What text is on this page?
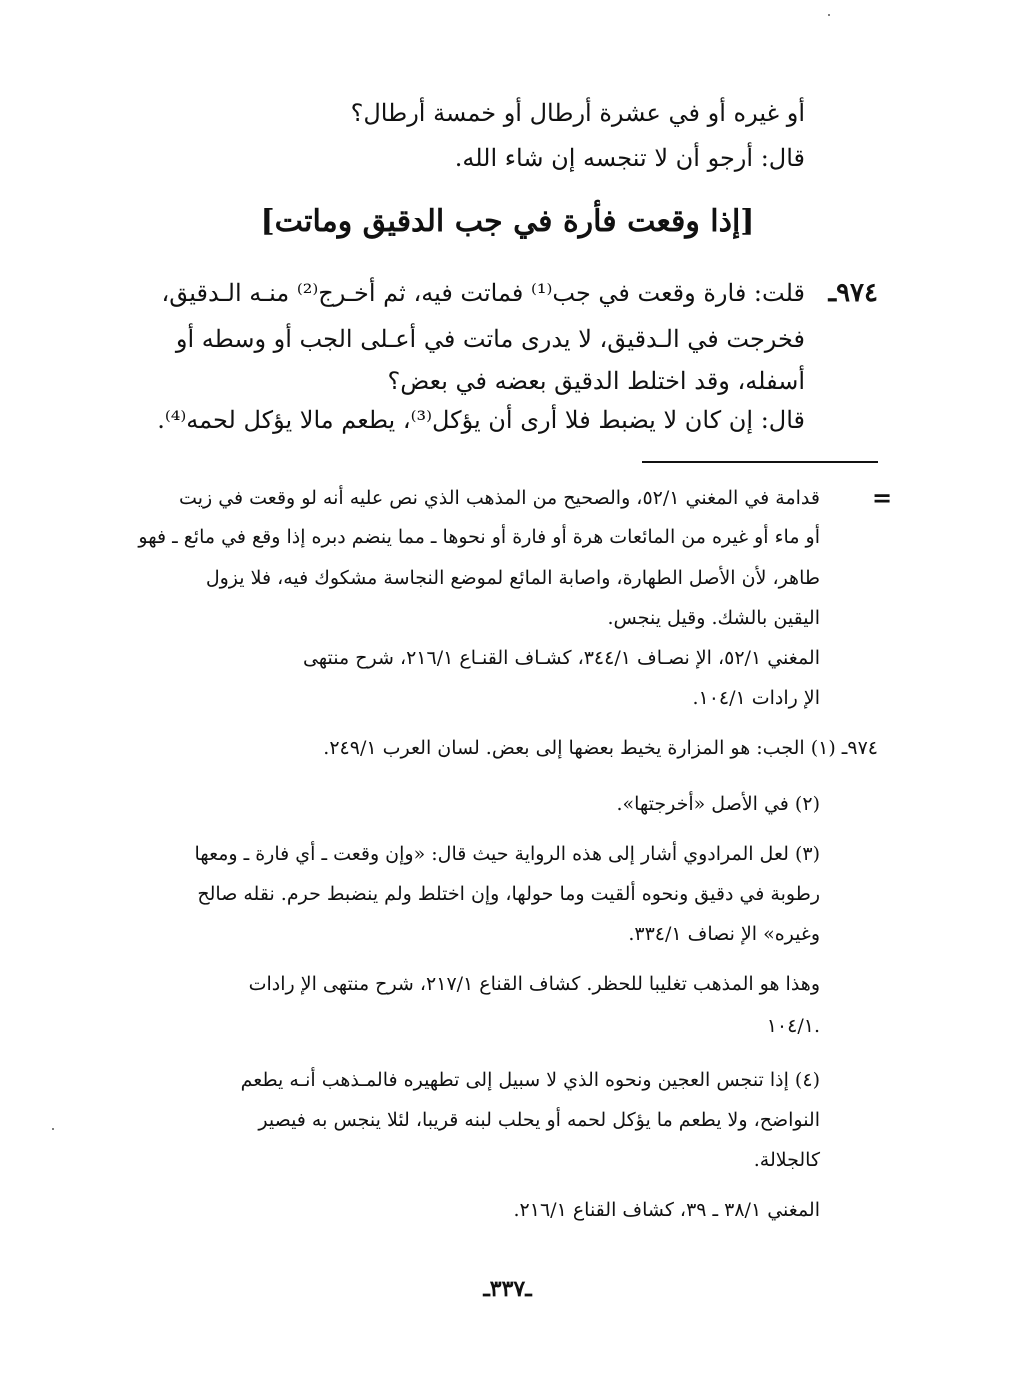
أو غيره أو في عشرة أرطال أو خمسة أرطال؟
قال: أرجو أن لا تنجسه إن شاء الله.
[إذا وقعت فأرة في جب الدقيق وماتت]
٩٧٤ـ
قلت: فارة وقعت في جب⁽¹⁾ فماتت فيه، ثم أخـرج⁽²⁾ منـه الـدقيق،
فخرجت في الـدقيق، لا يدرى ماتت في أعـلى الجب أو وسطه أو
أسفله، وقد اختلط الدقيق بعضه في بعض؟
قال: إن كان لا يضبط فلا أرى أن يؤكل⁽³⁾، يطعم مالا يؤكل لحمه⁽⁴⁾.
=
قدامة في المغني ٥٢/١، والصحيح من المذهب الذي نص عليه أنه لو وقعت في زيت
أو ماء أو غيره من المائعات هرة أو فارة أو نحوها ـ مما ينضم دبره إذا وقع في مائع ـ فهو
طاهر، لأن الأصل الطهارة، واصابة المائع لموضع النجاسة مشكوك فيه، فلا يزول
اليقين بالشك. وقيل ينجس.
المغني ٥٢/١، الإ نصـاف ٣٤٤/١، كشـاف القنـاع ٢١٦/١، شرح منتهى
الإ رادات ١٠٤/١.
٩٧٤ـ (١) الجب: هو المزارة يخيط بعضها إلى بعض. لسان العرب ٢٤٩/١.
(٢) في الأصل «أخرجتها».
(٣) لعل المرادوي أشار إلى هذه الرواية حيث قال: «وإن وقعت ـ أي فارة ـ ومعها
رطوبة في دقيق ونحوه ألقيت وما حولها، وإن اختلط ولم ينضبط حرم. نقله صالح
وغيره» الإ نصاف ٣٣٤/١.
وهذا هو المذهب تغليبا للحظر. كشاف القناع ٢١٧/١، شرح منتهى الإ رادات
١٠٤/١.
(٤) إذا تنجس العجين ونحوه الذي لا سبيل إلى تطهيره فالمـذهب أنـه يطعم
النواضح، ولا يطعم ما يؤكل لحمه أو يحلب لبنه قريبا، لئلا ينجس به فيصير
كالجلالة.
المغني ٣٨/١ ـ ٣٩، كشاف القناع ٢١٦/١.
ـ٣٣٧ـ
